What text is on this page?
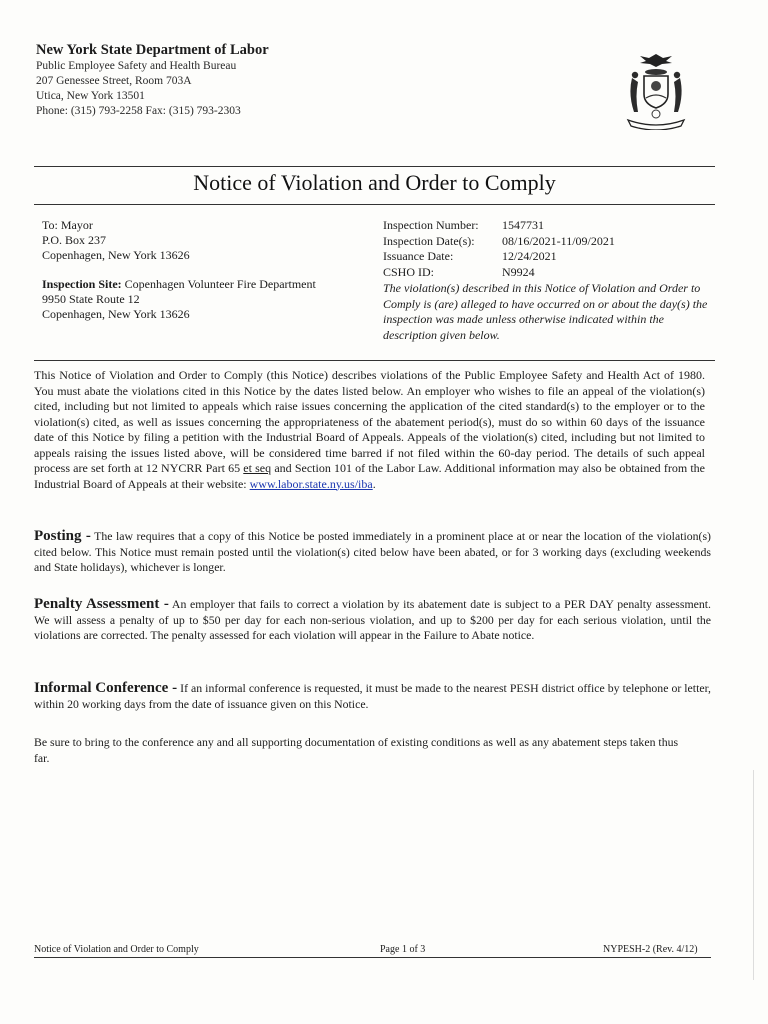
New York State Department of Labor
Public Employee Safety and Health Bureau
207 Genessee Street, Room 703A
Utica, New York 13501
Phone: (315) 793-2258 Fax: (315) 793-2303
Notice of Violation and Order to Comply
To: Mayor
P.O. Box 237
Copenhagen, New York 13626
Inspection Site: Copenhagen Volunteer Fire Department
9950 State Route 12
Copenhagen, New York 13626
Inspection Number: 1547731
Inspection Date(s): 08/16/2021-11/09/2021
Issuance Date:	12/24/2021
CSHO ID:	N9924
The violation(s) described in this Notice of Violation and Order to Comply is (are) alleged to have occurred on or about the day(s) the inspection was made unless otherwise indicated within the description given below.
This Notice of Violation and Order to Comply (this Notice) describes violations of the Public Employee Safety and Health Act of 1980. You must abate the violations cited in this Notice by the dates listed below. An employer who wishes to file an appeal of the violation(s) cited, including but not limited to appeals which raise issues concerning the application of the cited standard(s) to the employer or to the violation(s) cited, as well as issues concerning the appropriateness of the abatement period(s), must do so within 60 days of the issuance date of this Notice by filing a petition with the Industrial Board of Appeals. Appeals of the violation(s) cited, including but not limited to appeals raising the issues listed above, will be considered time barred if not filed within the 60-day period. The details of such appeal process are set forth at 12 NYCRR Part 65 et seq and Section 101 of the Labor Law. Additional information may also be obtained from the Industrial Board of Appeals at their website: www.labor.state.ny.us/iba.
Posting - The law requires that a copy of this Notice be posted immediately in a prominent place at or near the location of the violation(s) cited below. This Notice must remain posted until the violation(s) cited below have been abated, or for 3 working days (excluding weekends and State holidays), whichever is longer.
Penalty Assessment - An employer that fails to correct a violation by its abatement date is subject to a PER DAY penalty assessment. We will assess a penalty of up to $50 per day for each non-serious violation, and up to $200 per day for each serious violation, until the violations are corrected. The penalty assessed for each violation will appear in the Failure to Abate notice.
Informal Conference - If an informal conference is requested, it must be made to the nearest PESH district office by telephone or letter, within 20 working days from the date of issuance given on this Notice.
Be sure to bring to the conference any and all supporting documentation of existing conditions as well as any abatement steps taken thus far.
Notice of Violation and Order to Comply	Page 1 of 3	NYPESH-2 (Rev. 4/12)
